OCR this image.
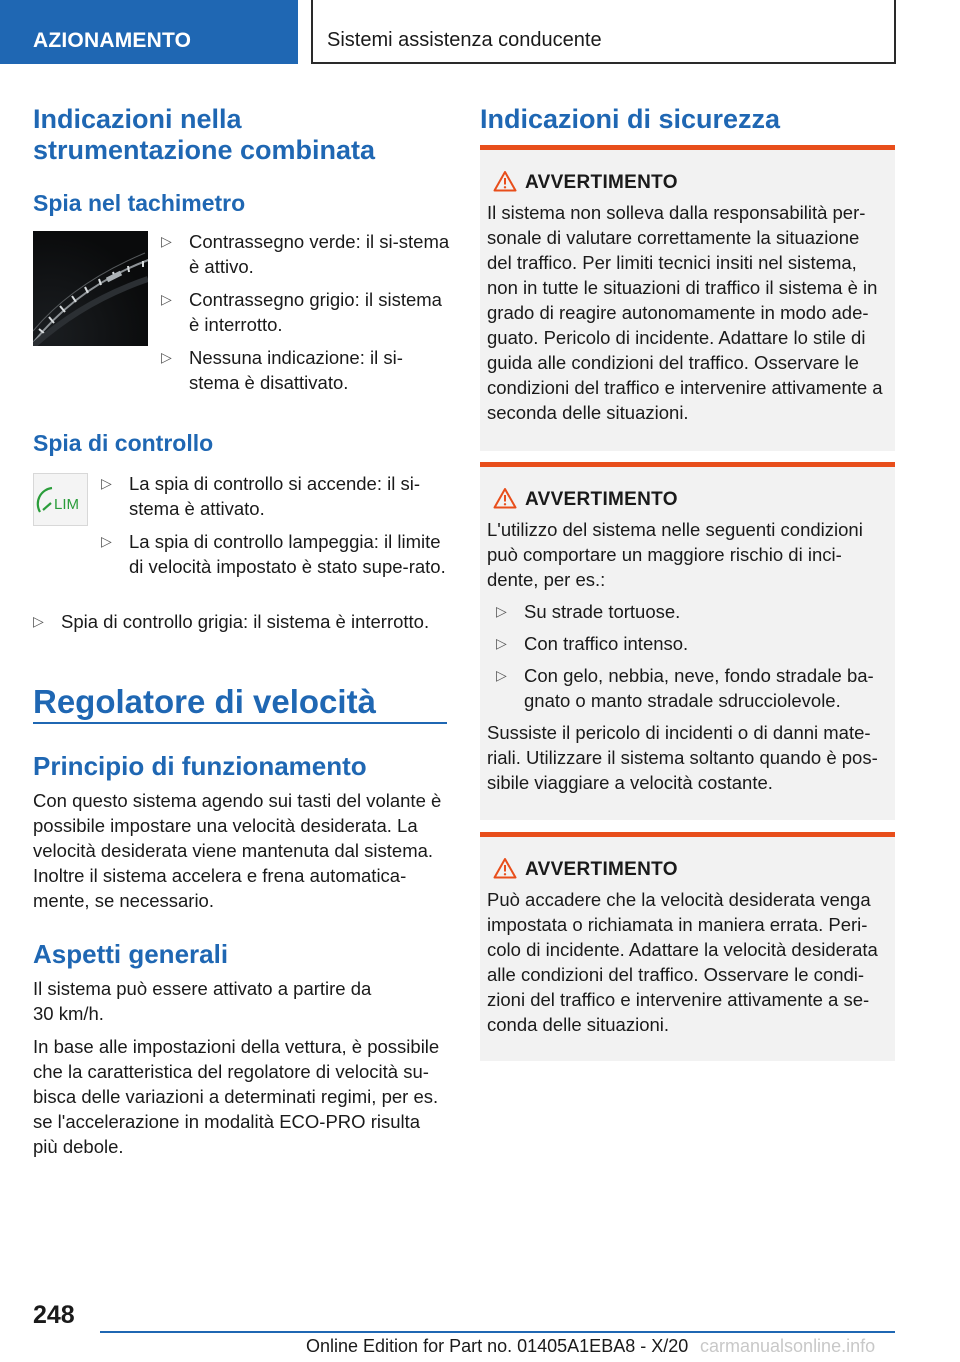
AZIONAMENTO	Sistemi assistenza conducente
Indicazioni nella strumentazione combinata
Spia nel tachimetro
▷ Contrassegno verde: il si-stema è attivo.
▷ Contrassegno grigio: il sistema è interrotto.
▷ Nessuna indicazione: il si-stema è disattivato.
Spia di controllo
LIM
▷ La spia di controllo si accende: il si-stema è attivato.
▷ La spia di controllo lampeggia: il limite di velocità impostato è stato supe-rato.
▷ Spia di controllo grigia: il sistema è interrotto.
Regolatore di velocità
Principio di funzionamento
Con questo sistema agendo sui tasti del volante è possibile impostare una velocità desiderata. La velocità desiderata viene mantenuta dal sistema. Inoltre il sistema accelera e frena automatica-mente, se necessario.
Aspetti generali
Il sistema può essere attivato a partire da 30 km/h.
In base alle impostazioni della vettura, è possibile che la caratteristica del regolatore di velocità su-bisca delle variazioni a determinati regimi, per es. se l'accelerazione in modalità ECO-PRO risulta più debole.
Indicazioni di sicurezza
AVVERTIMENTO

Il sistema non solleva dalla responsabilità per-sonale di valutare correttamente la situazione del traffico. Per limiti tecnici insiti nel sistema, non in tutte le situazioni di traffico il sistema è in grado di reagire autonomamente in modo ade-guato. Pericolo di incidente. Adattare lo stile di guida alle condizioni del traffico. Osservare le condizioni del traffico e intervenire attivamente a seconda delle situazioni.

AVVERTIMENTO

L'utilizzo del sistema nelle seguenti condizioni può comportare un maggiore rischio di inci-dente, per es.:

▷ Su strade tortuose.
▷ Con traffico intenso.
▷ Con gelo, nebbia, neve, fondo stradale ba-gnato o manto stradale sdrucciolevole.

Sussiste il pericolo di incidenti o di danni mate-riali. Utilizzare il sistema soltanto quando è pos-sibile viaggiare a velocità costante.

AVVERTIMENTO

Può accadere che la velocità desiderata venga impostata o richiamata in maniera errata. Peri-colo di incidente. Adattare la velocità desiderata alle condizioni del traffico. Osservare le condi-zioni del traffico e intervenire attivamente a se-conda delle situazioni.

248
Online Edition for Part no. 01405A1EBA8 - X/20 carmanualsonline.info
